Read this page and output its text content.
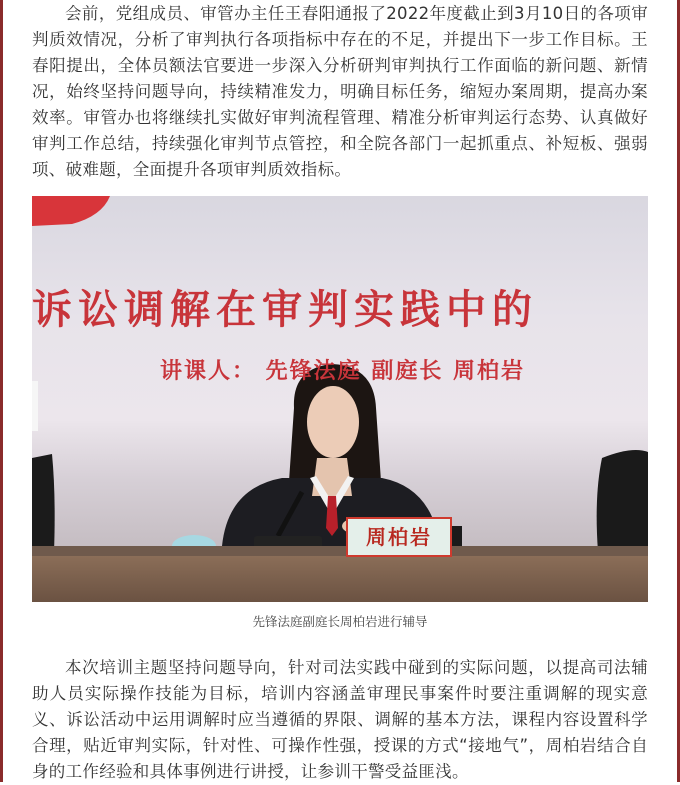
会前，党组成员、审管办主任王春阳通报了2022年度截止到3月10日的各项审判质效情况，分析了审判执行各项指标中存在的不足，并提出下一步工作目标。王春阳提出，全体员额法官要进一步深入分析研判审判执行工作面临的新问题、新情况，始终坚持问题导向，持续精准发力，明确目标任务，缩短办案周期，提高办案效率。审管办也将继续扎实做好审判流程管理、精准分析审判运行态势、认真做好审判工作总结，持续强化审判节点管控，和全院各部门一起抓重点、补短板、强弱项、破难题，全面提升各项审判质效指标。

诉讼调解在审判实践中的
讲课人： 先锋法庭 副庭长 周柏岩
周柏岩

先锋法庭副庭长周柏岩进行辅导

本次培训主题坚持问题导向，针对司法实践中碰到的实际问题，以提高司法辅助人员实际操作技能为目标，培训内容涵盖审理民事案件时要注重调解的现实意义、诉讼活动中运用调解时应当遵循的界限、调解的基本方法，课程内容设置科学合理，贴近审判实际，针对性、可操作性强，授课的方式“接地气”，周柏岩结合自身的工作经验和具体事例进行讲授，让参训干警受益匪浅。
